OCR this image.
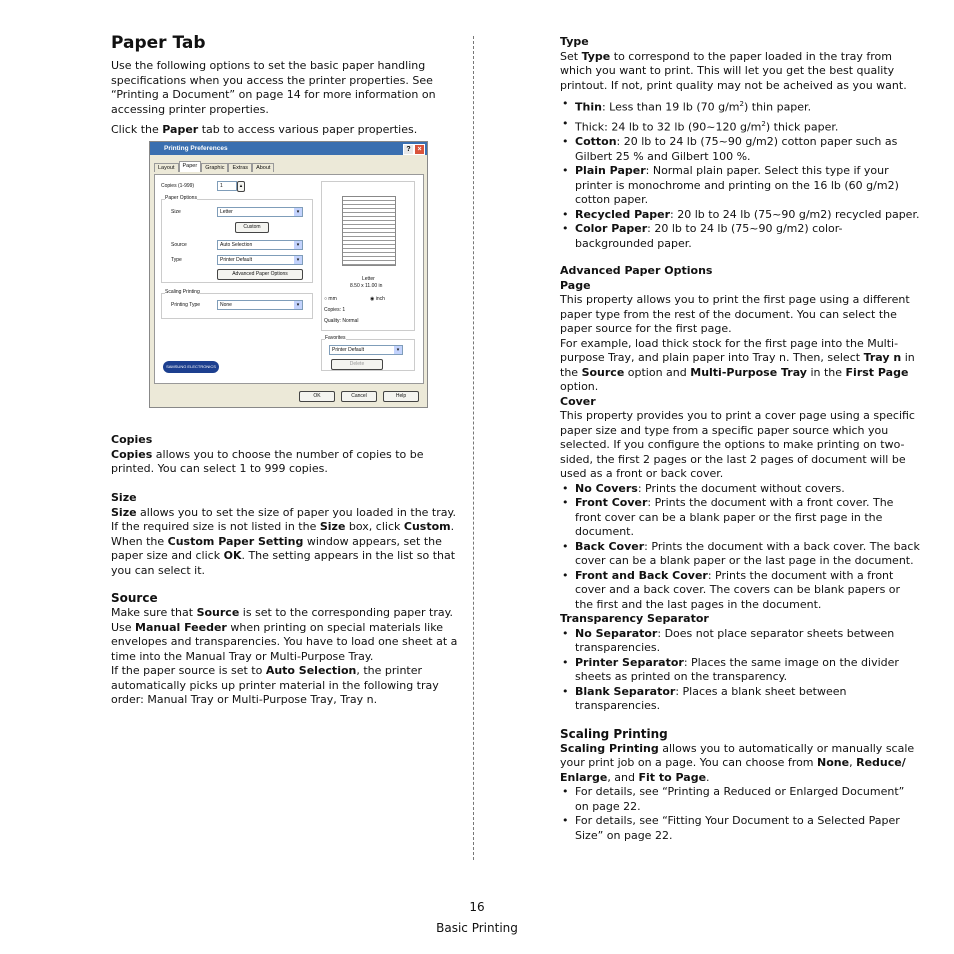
Paper Tab

Use the following options to set the basic paper handling specifications when you access the printer properties. See “Printing a Document” on page 14 for more information on accessing printer properties.

Click the Paper tab to access various paper properties.

Printing Preferences	? ×
Layout	Paper	Graphic	Extras	About
Copies (1-999)	1	▴
Paper Options
Size	Letter	▾
Custom
Source	Auto Selection	▾
Type	Printer Default	▾
Advanced Paper Options
Scaling Printing
Printing Type	None	▾
Letter
8.50 x 11.00 in
○ mm	◉ inch
Copies: 1
Quality: Normal
Favorites
Printer Default	▾
Delete
SAMSUNG ELECTRONICS
OK	Cancel	Help

Copies

Copies allows you to choose the number of copies to be printed. You can select 1 to 999 copies.

Size

Size allows you to set the size of paper you loaded in the tray. If the required size is not listed in the Size box, click Custom. When the Custom Paper Setting window appears, set the paper size and click OK. The setting appears in the list so that you can select it.

Source

Make sure that Source is set to the corresponding paper tray. Use Manual Feeder when printing on special materials like envelopes and transparencies. You have to load one sheet at a time into the Manual Tray or Multi-Purpose Tray.

If the paper source is set to Auto Selection, the printer automatically picks up printer material in the following tray order: Manual Tray or Multi-Purpose Tray, Tray n.

Type

Set Type to correspond to the paper loaded in the tray from which you want to print. This will let you get the best quality printout. If not, print quality may not be acheived as you want.

• Thin: Less than 19 lb (70 $g/m^2$) thin paper.
• Thick: 24 lb to 32 lb (90~120 $g/m^2$) thick paper.
• Cotton: 20 lb to 24 lb (75~90 g/m2) cotton paper such as Gilbert 25 % and Gilbert 100 %.
• Plain Paper: Normal plain paper. Select this type if your printer is monochrome and printing on the 16 lb (60 g/m2) cotton paper.
• Recycled Paper: 20 lb to 24 lb (75~90 g/m2) recycled paper.
• Color Paper: 20 lb to 24 lb (75~90 g/m2) color-backgrounded paper.

Advanced Paper Options

Page

This property allows you to print the first page using a different paper type from the rest of the document. You can select the paper source for the first page.

For example, load thick stock for the first page into the Multi-purpose Tray, and plain paper into Tray n. Then, select Tray n in the Source option and Multi-Purpose Tray in the First Page option.

Cover

This property provides you to print a cover page using a specific paper size and type from a specific paper source which you selected. If you configure the options to make printing on two-sided, the first 2 pages or the last 2 pages of document will be used as a front or back cover.

• No Covers: Prints the document without covers.
• Front Cover: Prints the document with a front cover. The front cover can be a blank paper or the first page in the document.
• Back Cover: Prints the document with a back cover. The back cover can be a blank paper or the last page in the document.
• Front and Back Cover: Prints the document with a front cover and a back cover. The covers can be blank papers or the first and the last pages in the document.

Transparency Separator

• No Separator: Does not place separator sheets between transparencies.
• Printer Separator: Places the same image on the divider sheets as printed on the transparency.
• Blank Separator: Places a blank sheet between transparencies.
Scaling Printing

Scaling Printing allows you to automatically or manually scale your print job on a page. You can choose from None, Reduce/ Enlarge, and Fit to Page.

• For details, see “Printing a Reduced or Enlarged Document” on page 22.
• For details, see “Fitting Your Document to a Selected Paper Size” on page 22.
16
Basic Printing
